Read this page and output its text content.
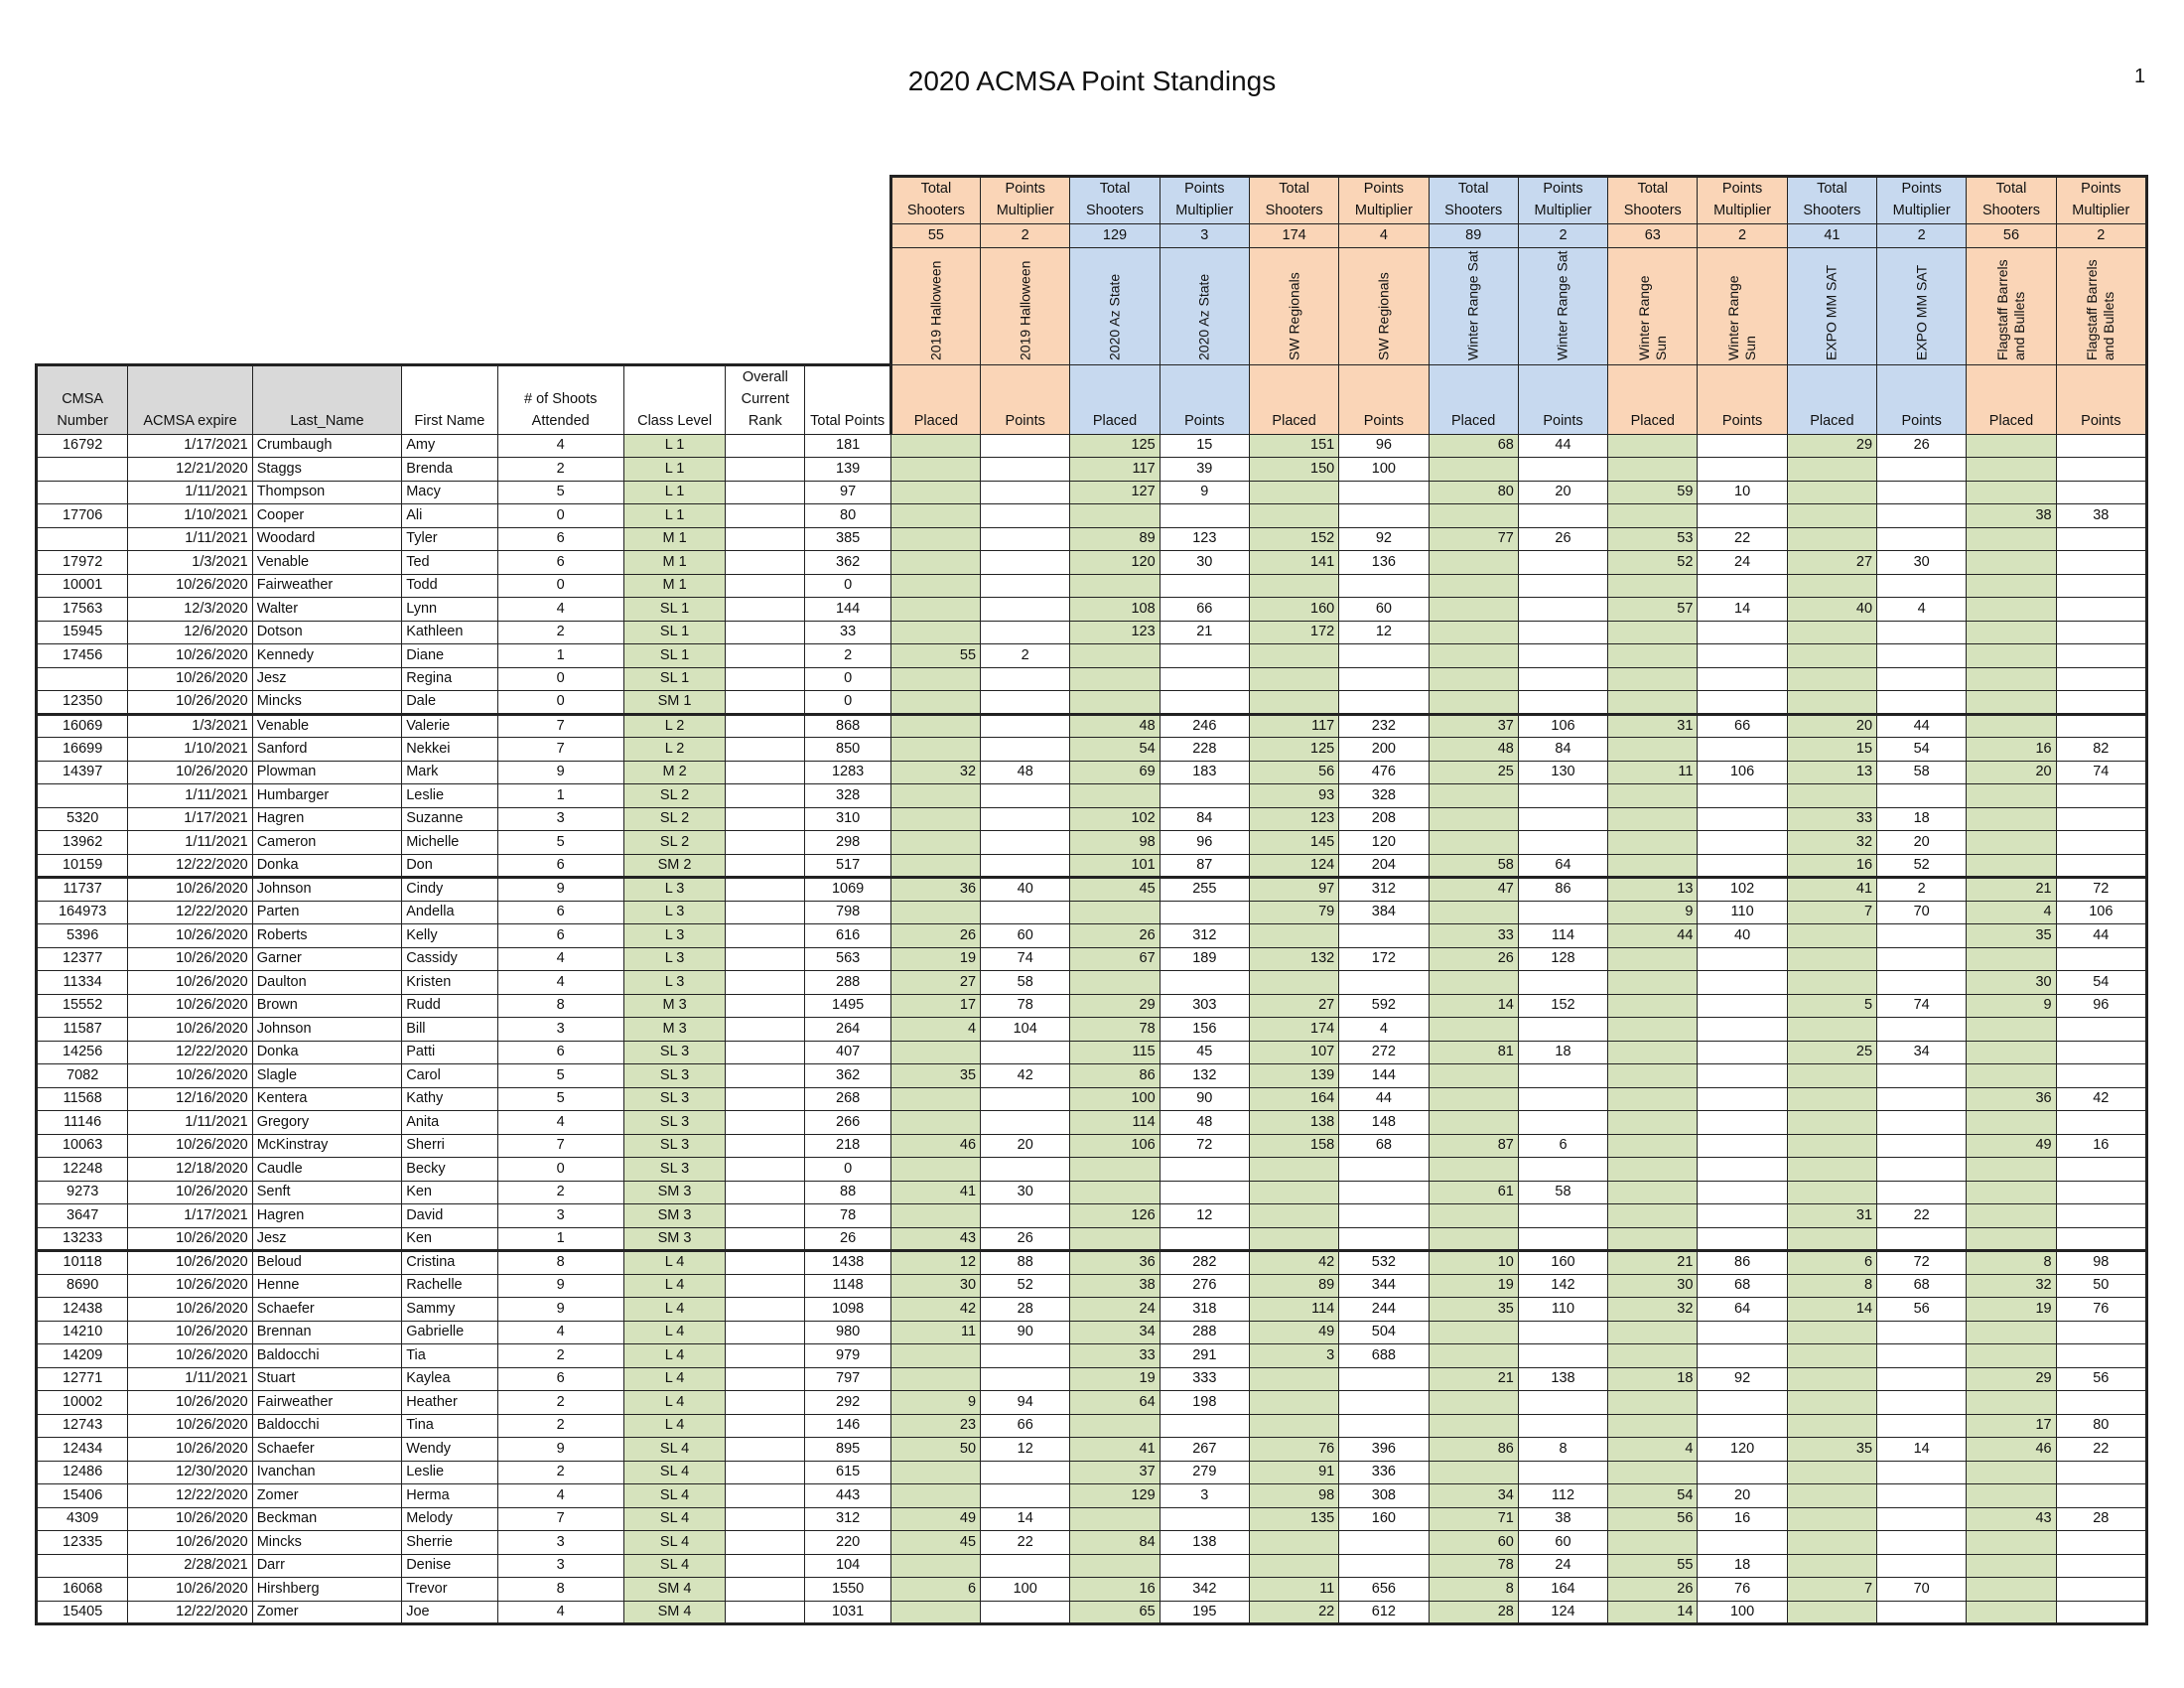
2020 ACMSA Point Standings	1
								Total Shooters	Points Multiplier	Total Shooters	Points Multiplier	Total Shooters	Points Multiplier	Total Shooters	Points Multiplier	Total Shooters	Points Multiplier	Total Shooters	Points Multiplier	Total Shooters	Points Multiplier
								55	2	129	3	174	4	89	2	63	2	41	2	56	2

								2019 Halloween	2019 Halloween	2020 Az State	2020 Az State	SW Regionals	SW Regionals	Winter Range Sat	Winter Range Sat	Winter Range Sun	Winter Range Sun	EXPO MM SAT	EXPO MM SAT	Flagstaff Barrels and Bullets	Flagstaff Barrels and Bullets

CMSA Number	ACMSA expire	Last_Name	First Name	# of Shoots Attended	Class Level	Overall Current Rank	Total Points	Placed	Points	Placed	Points	Placed	Points	Placed	Points	Placed	Points	Placed	Points	Placed	Points
16792	1/17/2021	Crumbaugh	Amy	4	L 1		181			125	15	151	96	68	44			29	26		
	12/21/2020	Staggs	Brenda	2	L 1		139			117	39	150	100								
	1/11/2021	Thompson	Macy	5	L 1		97			127	9			80	20	59	10				
17706	1/10/2021	Cooper	Ali	0	L 1		80													38	38
	1/11/2021	Woodard	Tyler	6	M 1		385			89	123	152	92	77	26	53	22				
17972	1/3/2021	Venable	Ted	6	M 1		362			120	30	141	136			52	24	27	30		
10001	10/26/2020	Fairweather	Todd	0	M 1		0														
17563	12/3/2020	Walter	Lynn	4	SL 1		144			108	66	160	60			57	14	40	4		
15945	12/6/2020	Dotson	Kathleen	2	SL 1		33			123	21	172	12								
17456	10/26/2020	Kennedy	Diane	1	SL 1		2	55	2												
	10/26/2020	Jesz	Regina	0	SL 1		0														
12350	10/26/2020	Mincks	Dale	0	SM 1		0														
16069	1/3/2021	Venable	Valerie	7	L 2		868			48	246	117	232	37	106	31	66	20	44		
16699	1/10/2021	Sanford	Nekkei	7	L 2		850			54	228	125	200	48	84			15	54	16	82
14397	10/26/2020	Plowman	Mark	9	M 2		1283	32	48	69	183	56	476	25	130	11	106	13	58	20	74
	1/11/2021	Humbarger	Leslie	1	SL 2		328					93	328								
5320	1/17/2021	Hagren	Suzanne	3	SL 2		310			102	84	123	208					33	18		
13962	1/11/2021	Cameron	Michelle	5	SL 2		298			98	96	145	120					32	20		
10159	12/22/2020	Donka	Don	6	SM 2		517			101	87	124	204	58	64			16	52		
11737	10/26/2020	Johnson	Cindy	9	L 3		1069	36	40	45	255	97	312	47	86	13	102	41	2	21	72
164973	12/22/2020	Parten	Andella	6	L 3		798					79	384			9	110	7	70	4	106
5396	10/26/2020	Roberts	Kelly	6	L 3		616	26	60	26	312			33	114	44	40			35	44
12377	10/26/2020	Garner	Cassidy	4	L 3		563	19	74	67	189	132	172	26	128						
11334	10/26/2020	Daulton	Kristen	4	L 3		288	27	58											30	54
15552	10/26/2020	Brown	Rudd	8	M 3		1495	17	78	29	303	27	592	14	152			5	74	9	96
11587	10/26/2020	Johnson	Bill	3	M 3		264	4	104	78	156	174	4								
14256	12/22/2020	Donka	Patti	6	SL 3		407			115	45	107	272	81	18			25	34		
7082	10/26/2020	Slagle	Carol	5	SL 3		362	35	42	86	132	139	144								
11568	12/16/2020	Kentera	Kathy	5	SL 3		268			100	90	164	44							36	42
11146	1/11/2021	Gregory	Anita	4	SL 3		266			114	48	138	148								
10063	10/26/2020	McKinstray	Sherri	7	SL 3		218	46	20	106	72	158	68	87	6					49	16
12248	12/18/2020	Caudle	Becky	0	SL 3		0														
9273	10/26/2020	Senft	Ken	2	SM 3		88	41	30					61	58						
3647	1/17/2021	Hagren	David	3	SM 3		78			126	12							31	22		
13233	10/26/2020	Jesz	Ken	1	SM 3		26	43	26												
10118	10/26/2020	Beloud	Cristina	8	L 4		1438	12	88	36	282	42	532	10	160	21	86	6	72	8	98
8690	10/26/2020	Henne	Rachelle	9	L 4		1148	30	52	38	276	89	344	19	142	30	68	8	68	32	50
12438	10/26/2020	Schaefer	Sammy	9	L 4		1098	42	28	24	318	114	244	35	110	32	64	14	56	19	76
14210	10/26/2020	Brennan	Gabrielle	4	L 4		980	11	90	34	288	49	504								
14209	10/26/2020	Baldocchi	Tia	2	L 4		979			33	291	3	688								
12771	1/11/2021	Stuart	Kaylea	6	L 4		797			19	333			21	138	18	92			29	56
10002	10/26/2020	Fairweather	Heather	2	L 4		292	9	94	64	198										
12743	10/26/2020	Baldocchi	Tina	2	L 4		146	23	66											17	80
12434	10/26/2020	Schaefer	Wendy	9	SL 4		895	50	12	41	267	76	396	86	8	4	120	35	14	46	22
12486	12/30/2020	Ivanchan	Leslie	2	SL 4		615			37	279	91	336								
15406	12/22/2020	Zomer	Herma	4	SL 4		443			129	3	98	308	34	112	54	20				
4309	10/26/2020	Beckman	Melody	7	SL 4		312	49	14			135	160	71	38	56	16			43	28
12335	10/26/2020	Mincks	Sherrie	3	SL 4		220	45	22	84	138			60	60						
	2/28/2021	Darr	Denise	3	SL 4		104							78	24	55	18				
16068	10/26/2020	Hirshberg	Trevor	8	SM 4		1550	6	100	16	342	11	656	8	164	26	76	7	70		
15405	12/22/2020	Zomer	Joe	4	SM 4		1031			65	195	22	612	28	124	14	100				
